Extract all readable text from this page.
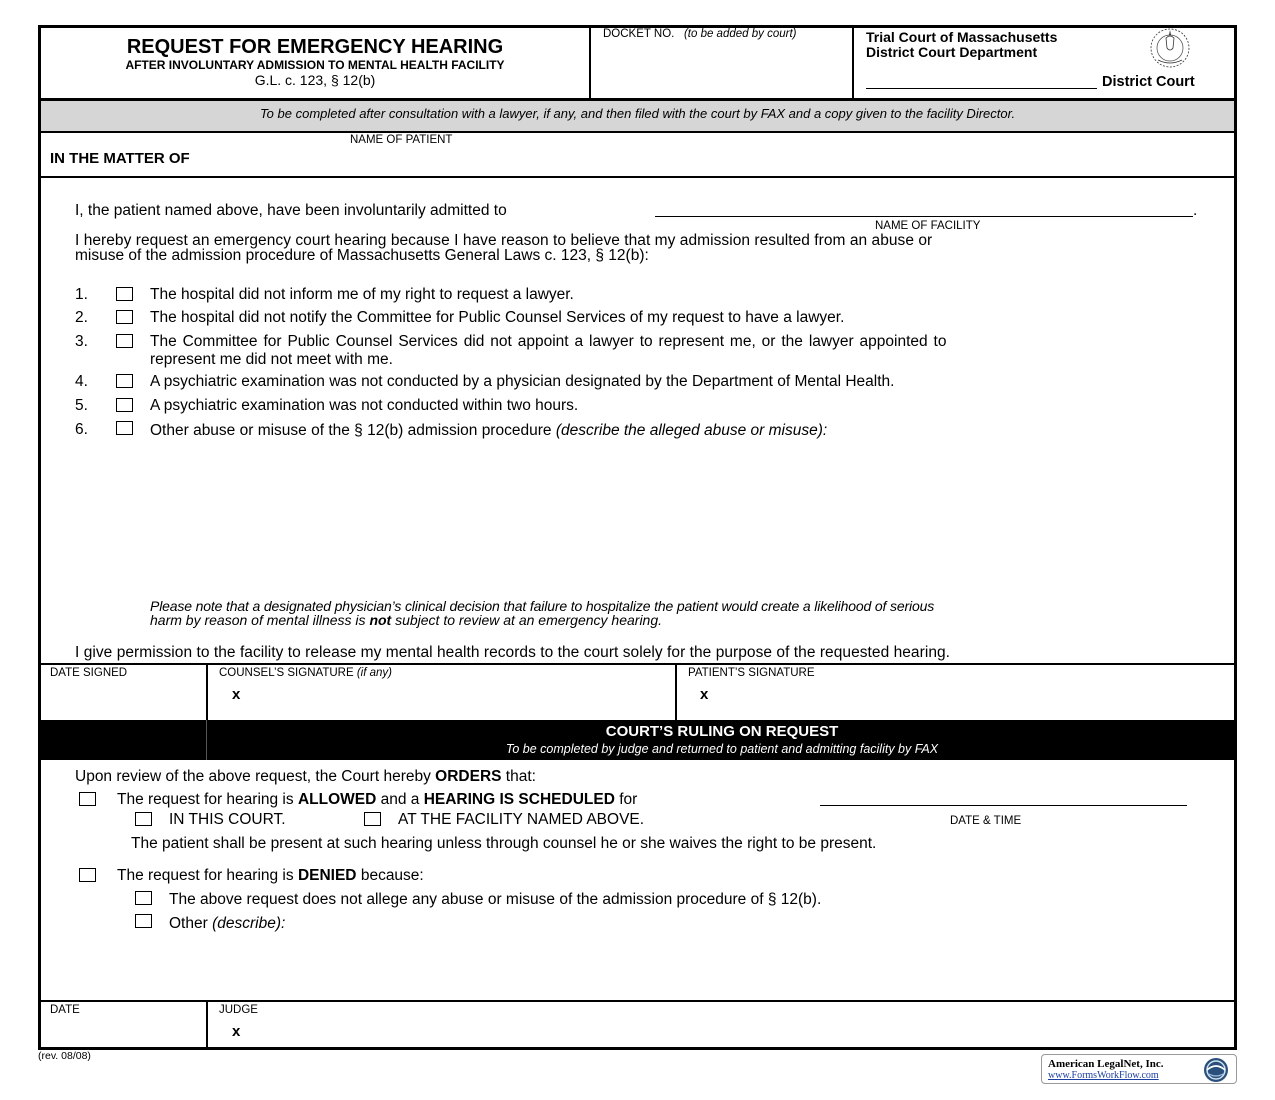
REQUEST FOR EMERGENCY HEARING
AFTER INVOLUNTARY ADMISSION TO MENTAL HEALTH FACILITY
G.L. c. 123, § 12(b)
DOCKET NO. (to be added by court)	Trial Court of Massachusetts
District Court Department
District Court
To be completed after consultation with a lawyer, if any, and then filed with the court by FAX and a copy given to the facility Director.
NAME OF PATIENT
IN THE MATTER OF
I, the patient named above, have been involuntarily admitted to	.
NAME OF FACILITY
I hereby request an emergency court hearing because I have reason to believe that my admission resulted from an abuse or
misuse of the admission procedure of Massachusetts General Laws c. 123, § 12(b):
1.	The hospital did not inform me of my right to request a lawyer.
2.	The hospital did not notify the Committee for Public Counsel Services of my request to have a lawyer.
3.	The Committee for Public Counsel Services did not appoint a lawyer to represent me, or the lawyer appointed to
represent me did not meet with me.
4.	A psychiatric examination was not conducted by a physician designated by the Department of Mental Health.
5.	A psychiatric examination was not conducted within two hours.
6.	Other abuse or misuse of the § 12(b) admission procedure (describe the alleged abuse or misuse):
Please note that a designated physician’s clinical decision that failure to hospitalize the patient would create a likelihood of serious
harm by reason of mental illness is not subject to review at an emergency hearing.
I give permission to the facility to release my mental health records to the court solely for the purpose of the requested hearing.
DATE SIGNED	COUNSEL’S SIGNATURE (if any)
x
PATIENT’S SIGNATURE
x
COURT’S RULING ON REQUEST
To be completed by judge and returned to patient and admitting facility by FAX
Upon review of the above request, the Court hereby ORDERS that:
The request for hearing is ALLOWED and a HEARING IS SCHEDULED for
DATE & TIME
IN THIS COURT.	AT THE FACILITY NAMED ABOVE.
The patient shall be present at such hearing unless through counsel he or she waives the right to be present.
The request for hearing is DENIED because:
The above request does not allege any abuse or misuse of the admission procedure of § 12(b).
Other (describe):
DATE	JUDGE
x
(rev. 08/08)
American LegalNet, Inc.
www.FormsWorkFlow.com
